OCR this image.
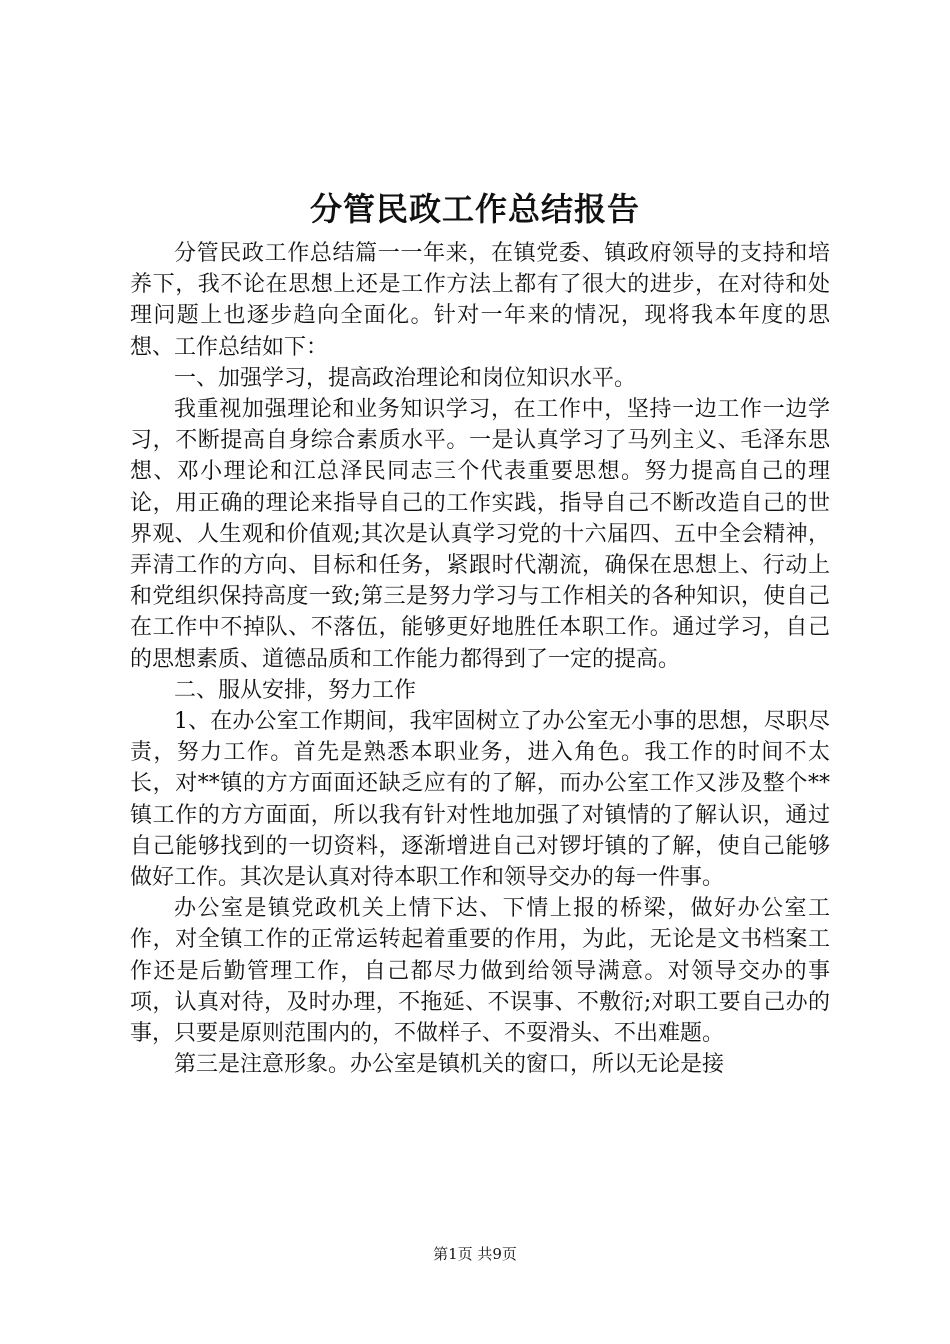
分管民政工作总结报告

分管民政工作总结篇一一年来，在镇党委、镇政府领导的支持和培养下，我不论在思想上还是工作方法上都有了很大的进步，在对待和处理问题上也逐步趋向全面化。针对一年来的情况，现将我本年度的思想、工作总结如下：

一、加强学习，提高政治理论和岗位知识水平。

我重视加强理论和业务知识学习，在工作中，坚持一边工作一边学习，不断提高自身综合素质水平。一是认真学习了马列主义、毛泽东思想、邓小理论和江总泽民同志三个代表重要思想。努力提高自己的理论，用正确的理论来指导自己的工作实践，指导自己不断改造自己的世界观、人生观和价值观;其次是认真学习党的十六届四、五中全会精神，弄清工作的方向、目标和任务，紧跟时代潮流，确保在思想上、行动上和党组织保持高度一致;第三是努力学习与工作相关的各种知识，使自己在工作中不掉队、不落伍，能够更好地胜任本职工作。通过学习，自己的思想素质、道德品质和工作能力都得到了一定的提高。

二、服从安排，努力工作

1、在办公室工作期间，我牢固树立了办公室无小事的思想，尽职尽责，努力工作。首先是熟悉本职业务，进入角色。我工作的时间不太长，对**镇的方方面面还缺乏应有的了解，而办公室工作又涉及整个**镇工作的方方面面，所以我有针对性地加强了对镇情的了解认识，通过自己能够找到的一切资料，逐渐增进自己对锣圩镇的了解，使自己能够做好工作。其次是认真对待本职工作和领导交办的每一件事。

办公室是镇党政机关上情下达、下情上报的桥梁，做好办公室工作，对全镇工作的正常运转起着重要的作用，为此，无论是文书档案工作还是后勤管理工作，自己都尽力做到给领导满意。对领导交办的事项，认真对待，及时办理，不拖延、不误事、不敷衍;对职工要自己办的事，只要是原则范围内的，不做样子、不耍滑头、不出难题。

第三是注意形象。办公室是镇机关的窗口，所以无论是接

第1页 共9页
